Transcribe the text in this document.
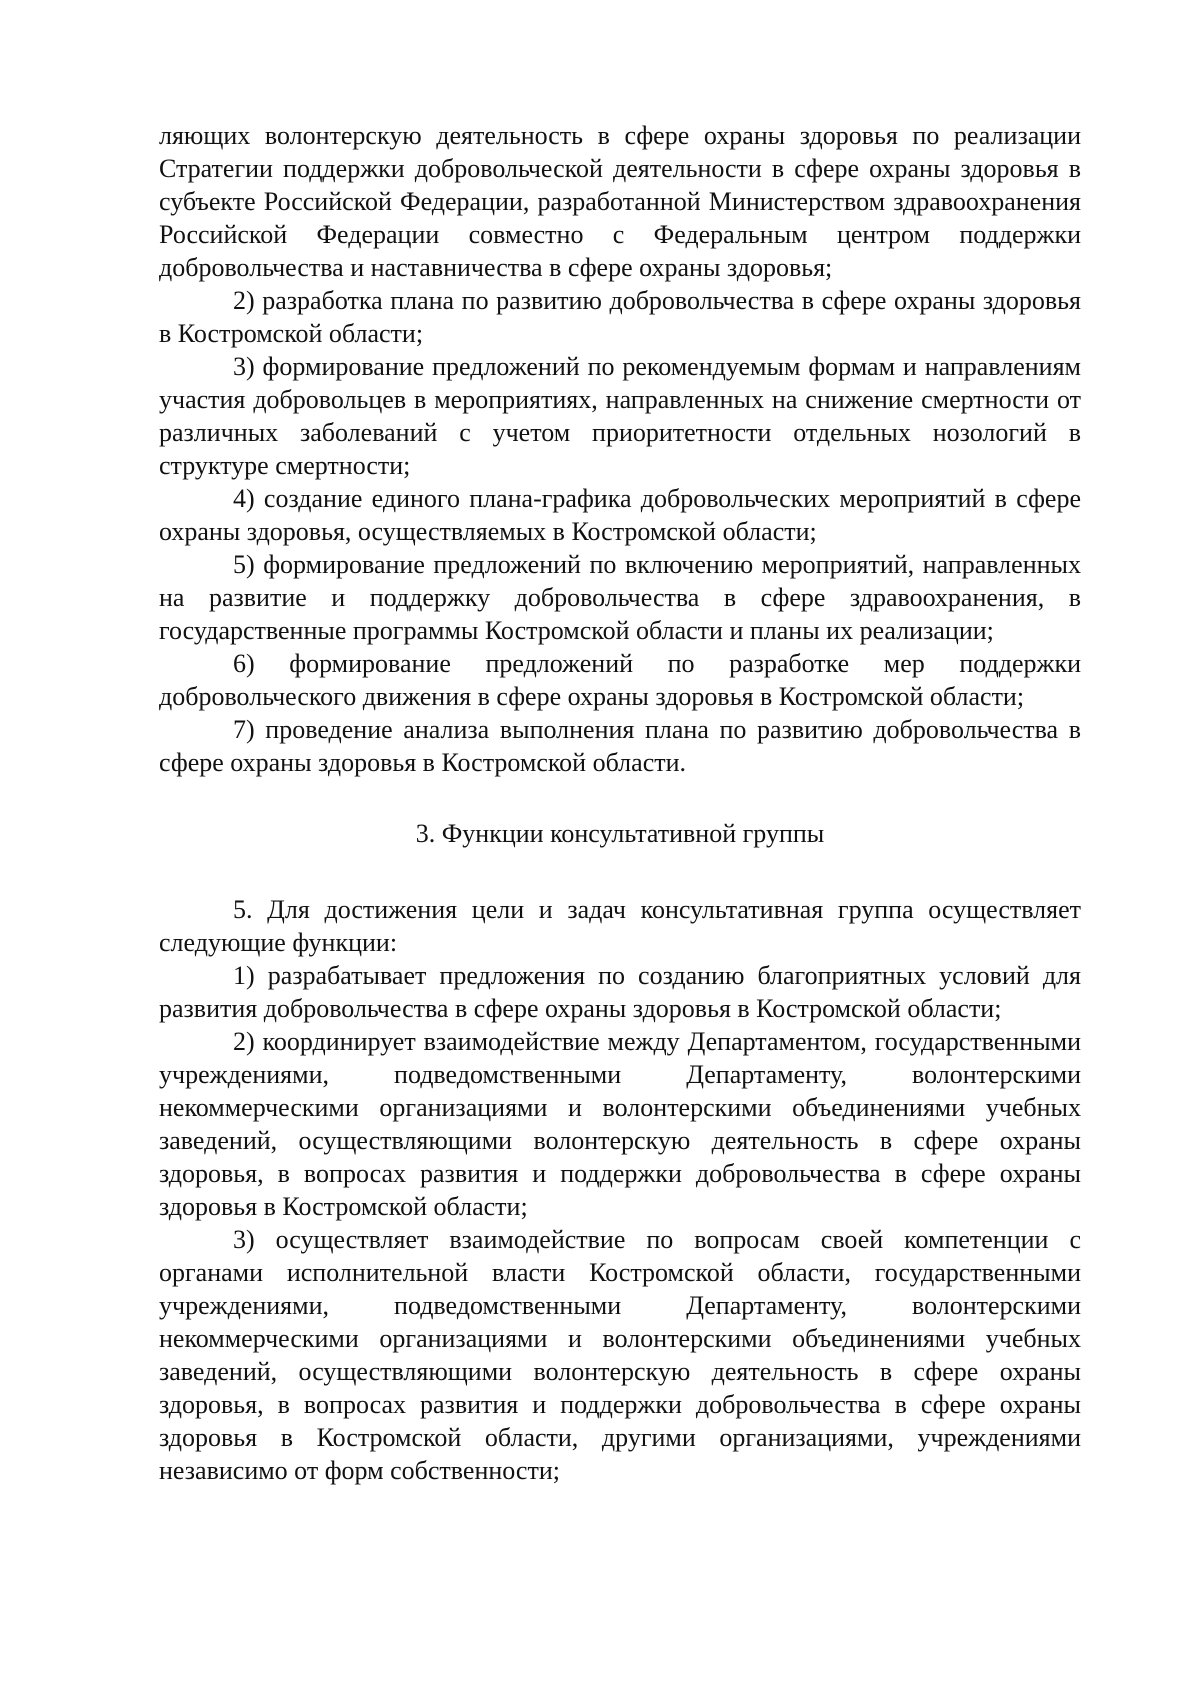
ляющих волонтерскую деятельность в сфере охраны здоровья по реализации Стратегии поддержки добровольческой деятельности в сфере охраны здоровья в субъекте Российской Федерации, разработанной Министерством здравоохранения Российской Федерации совместно с Федеральным центром поддержки добровольчества и наставничества в сфере охраны здоровья;

2) разработка плана по развитию добровольчества в сфере охраны здоровья в Костромской области;

3) формирование предложений по рекомендуемым формам и направлениям участия добровольцев в мероприятиях, направленных на снижение смертности от различных заболеваний с учетом приоритетности отдельных нозологий в структуре смертности;

4) создание единого плана-графика добровольческих мероприятий в сфере охраны здоровья, осуществляемых в Костромской области;

5) формирование предложений по включению мероприятий, направленных на развитие и поддержку добровольчества в сфере здравоохранения, в государственные программы Костромской области и планы их реализации;

6) формирование предложений по разработке мер поддержки добровольческого движения в сфере охраны здоровья в Костромской области;

7) проведение анализа выполнения плана по развитию добровольчества в сфере охраны здоровья в Костромской области.

3. Функции консультативной группы

5. Для достижения цели и задач консультативная группа осуществляет следующие функции:

1) разрабатывает предложения по созданию благоприятных условий для развития добровольчества в сфере охраны здоровья в Костромской области;

2) координирует взаимодействие между Департаментом, государственными учреждениями, подведомственными Департаменту, волонтерскими некоммерческими организациями и волонтерскими объединениями учебных заведений, осуществляющими волонтерскую деятельность в сфере охраны здоровья, в вопросах развития и поддержки добровольчества в сфере охраны здоровья в Костромской области;

3) осуществляет взаимодействие по вопросам своей компетенции с органами исполнительной власти Костромской области, государственными учреждениями, подведомственными Департаменту, волонтерскими некоммерческими организациями и волонтерскими объединениями учебных заведений, осуществляющими волонтерскую деятельность в сфере охраны здоровья, в вопросах развития и поддержки добровольчества в сфере охраны здоровья в Костромской области, другими организациями, учреждениями независимо от форм собственности;
